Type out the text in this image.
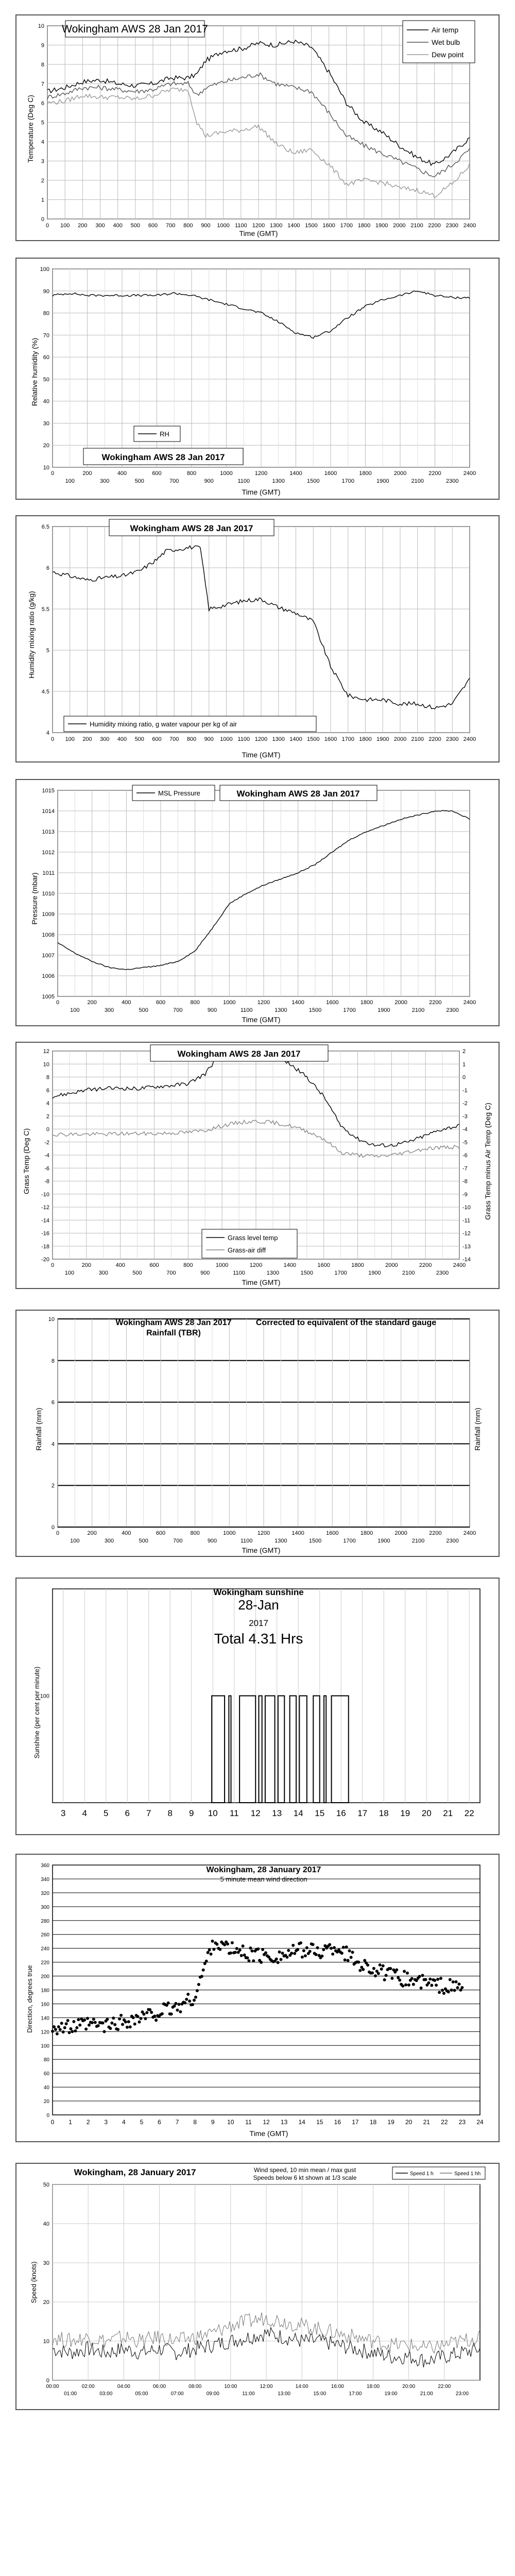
Temperature (Deg C)
Time (GMT)
0
1
2
3
4
5
6
7
8
9
10
0 100 200 300 400 500 600 700 800 900 1000 1100 1200 1300 1400 1500 1600 1700 1800 1900 2000 2100 2200 2300 2400
Wokingham AWS 28 Jan 2017	Air temp
Wet bulb
Dew point
Relative humidity (%)
Time (GMT)
10
20
30
40
50
60
70
80
90
100
0	200	400	600	800	1000	1200	1400	1600	1800	2000	2200	2400
100	300	500	700	900	1100	1300	1500	1700	1900	2100	2300
RH
Wokingham AWS 28 Jan 2017
Humidity mixing ratio (g/kg)
Time (GMT)
4
4.5
5
5.5
6
6.5
0 100 200 300 400 500 600 700 800 900 1000 1100 1200 1300 1400 1500 1600 1700 1800 1900 2000 2100 2200 2300 2400
Wokingham AWS 28 Jan 2017
Humidity mixing ratio, g water vapour per kg of air
Pressure (mbar)
Time (GMT)
1005
1006
1007
1008
1009
1010
1011
1012
1013
1014
1015
0	200	400	600	800	1000	1200	1400	1600	1800	2000	2200	2400
100	300	500	700	900	1100	1300	1500	1700	1900	2100	2300
MSL Pressure	Wokingham AWS 28 Jan 2017
Grass Temp (Deg C)	Grass Temp minus Air Temp (Deg C)
Time (GMT)
-20
-18
-16
-14
-12
-10
-8
-6
-4
-2
0
2
4
6
8
10
12
-14
-13
-12
-11
-10
-9
-8
-7
-6
-5
-4
-3
-2
-1
0
1
2
0	200	400	600	800	1000	1200	1400	1600	1800	2000	2200	2400
100	300	500	700	900	1100	1300	1500	1700	1900	2100	2300
Wokingham AWS 28 Jan 2017
Grass level temp
Grass-air diff
Rainfall (mm)	Rainfall (mm)
Time (GMT)
0
2
4
6
8
10
0	200	400	600	800	1000	1200	1400	1600	1800	2000	2200	2400
100	300	500	700	900	1100	1300	1500	1700	1900	2100	2300
Wokingham AWS 28 Jan 2017
Rainfall (TBR)
Corrected to equivalent of the standard gauge
Sunshine (per cent per minute)
3 4 5 6 7 8 9 10 11 12 13 14 15 16 17 18 19 20 21 22
100
Wokingham sunshine
28-Jan
2017
Total 4.31 Hrs
Direction, degrees true
Time (GMT)
0
20
40
60
80
100
120
140
160
180
200
220
240
260
280
300
320
340
360
0 1 2 3 4 5 6 7 8 9 10 11 12 13 14 15 16 17 18 19 20 21 22 23 24
Wokingham, 28 January 2017
5 minute mean wind direction
Speed (knots)
0
10
20
30
40
50
00:00	02:00	04:00	06:00	08:00	10:00	12:00	14:00	16:00	18:00	20:00	22:00
01:00	03:00	05:00	07:00	09:00	11:00	13:00	15:00	17:00	19:00	21:00	23:00
Wokingham, 28 January 2017	Wind speed, 10 min mean / max gust
Speeds below 6 kt shown at 1/3 scale
Speed 1 h	Speed 1 hh
